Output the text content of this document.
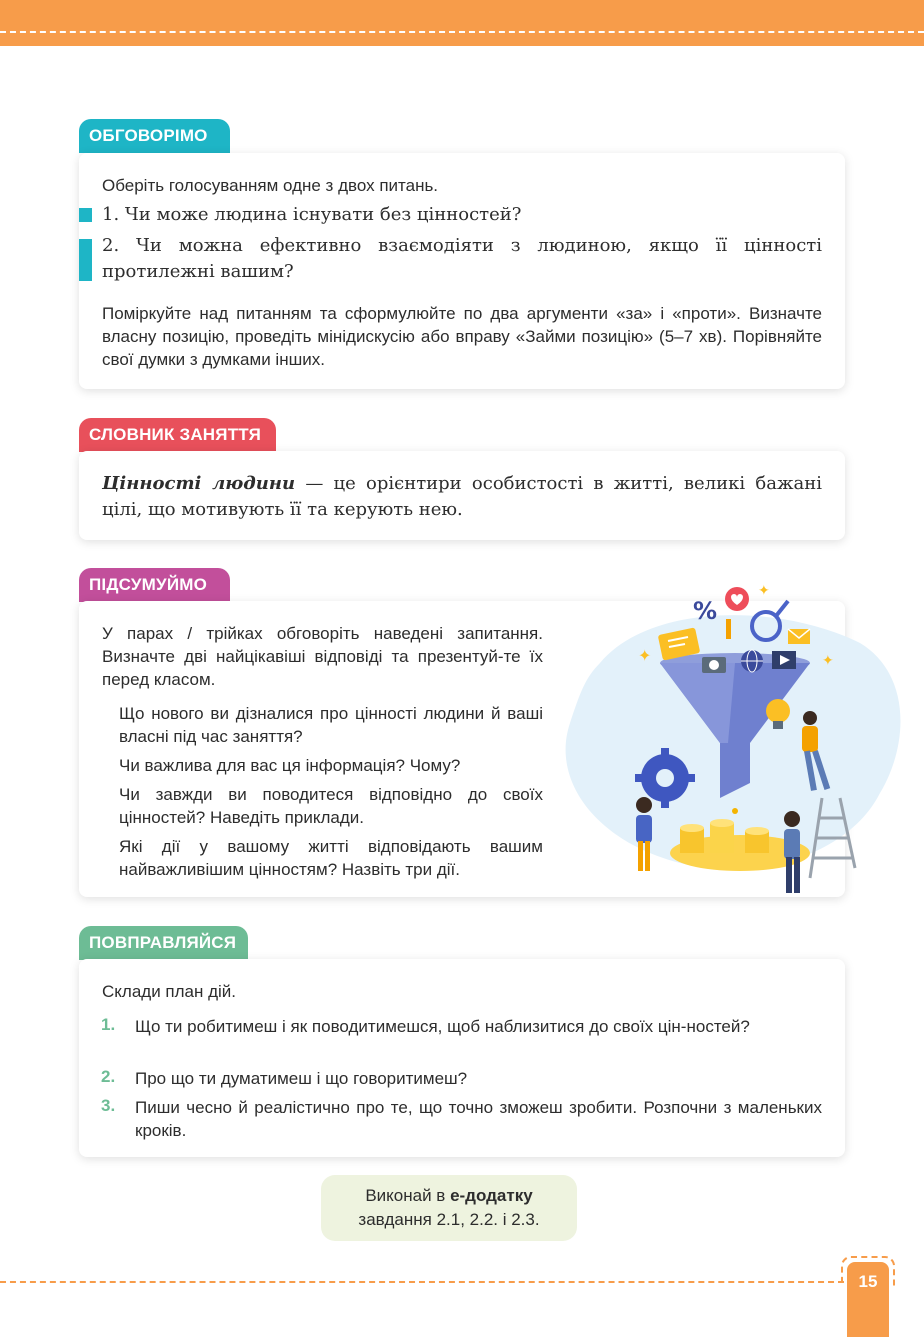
ОБГОВОРІМО
Оберіть голосуванням одне з двох питань.
1. Чи може людина існувати без цінностей?
2. Чи можна ефективно взаємодіяти з людиною, якщо її цінності протилежні вашим?
Поміркуйте над питанням та сформулюйте по два аргументи «за» і «проти». Визначте власну позицію, проведіть мінідискусію або вправу «Займи позицію» (5–7 хв). Порівняйте свої думки з думками інших.
СЛОВНИК ЗАНЯТТЯ
Цінності людини — це орієнтири особистості в житті, великі бажані цілі, що мотивують її та керують нею.
ПІДСУМУЙМО
У парах / трійках обговоріть наведені запитання. Визначте дві найцікавіші відповіді та презентуй-те їх перед класом.
Що нового ви дізналися про цінності людини й ваші власні під час заняття?
Чи важлива для вас ця інформація? Чому?
Чи завжди ви поводитеся відповідно до своїх цінностей? Наведіть приклади.
Які дії у вашому житті відповідають вашим найважливішим цінностям? Назвіть три дії.
%
✦
✦
✦
ПОВПРАВЛЯЙСЯ
Склади план дій.
1. Що ти робитимеш і як поводитимешся, щоб наблизитися до своїх цін-ностей?
2. Про що ти думатимеш і що говоритимеш?
3. Пиши чесно й реалістично про те, що точно зможеш зробити. Розпочни з маленьких кроків.
Виконай в е-додатку
завдання 2.1, 2.2. і 2.3.
15
